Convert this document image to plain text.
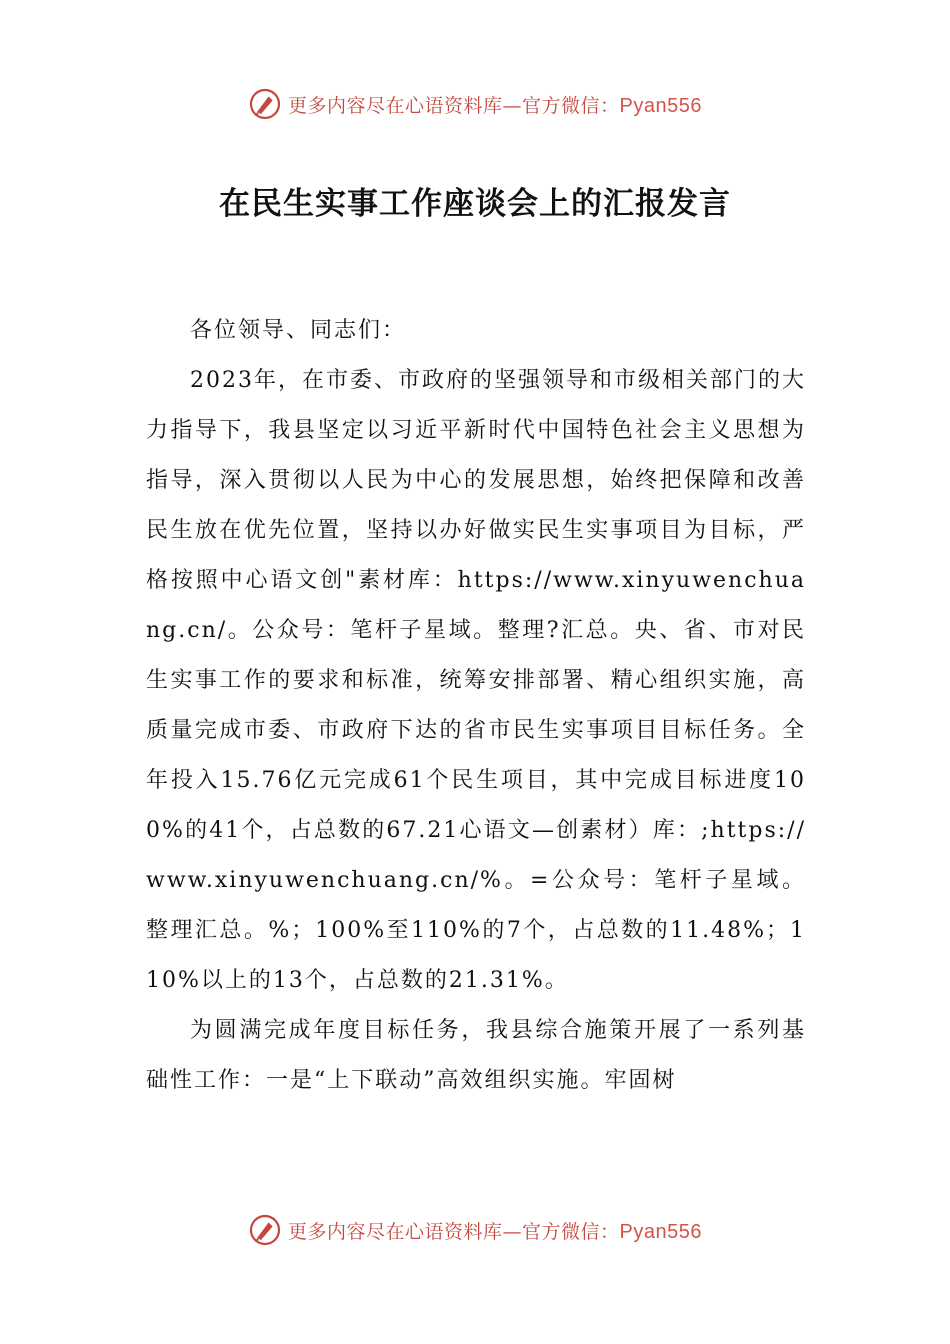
更多内容尽在心语资料库—官方微信：Pyan556
在民生实事工作座谈会上的汇报发言

各位领导、同志们：

2023年，在市委、市政府的坚强领导和市级相关部门的大力指导下，我县坚定以习近平新时代中国特色社会主义思想为指导，深入贯彻以人民为中心的发展思想，始终把保障和改善民生放在优先位置，坚持以办好做实民生实事项目为目标，严格按照中心语文创"素材库：https://www.xinyuwenchuang.cn/。公众号：笔杆子星域。整理?汇总。央、省、市对民生实事工作的要求和标准，统筹安排部署、精心组织实施，高质量完成市委、市政府下达的省市民生实事项目目标任务。全年投入15.76亿元完成61个民生项目，其中完成目标进度100%的41个，占总数的67.21心语文—创素材）库：;https://www.xinyuwenchuang.cn/%。=公众号：笔杆子星域。整理汇总。%；100%至110%的7个，占总数的11.48%；110%以上的13个，占总数的21.31%。

为圆满完成年度目标任务，我县综合施策开展了一系列基础性工作：一是“上下联动”高效组织实施。牢固树

更多内容尽在心语资料库—官方微信：Pyan556
